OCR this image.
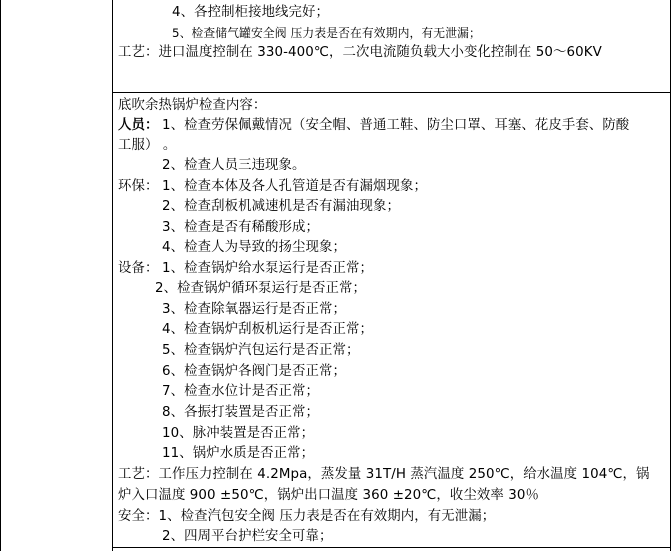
4、各控制柜接地线完好；
5、检查储气罐安全阀 压力表是否在有效期内，有无泄漏；
工艺：进口温度控制在 330-400℃，二次电流随负载大小变化控制在 50～60KV
底吹余热锅炉检查内容：
人员： 1、检查劳保佩戴情况（安全帽、普通工鞋、防尘口罩、耳塞、花皮手套、防酸
工服） 。
2、检查人员三违现象。
环保： 1、检查本体及各人孔管道是否有漏烟现象；
2、检查刮板机减速机是否有漏油现象；
3、检查是否有稀酸形成；
4、检查人为导致的扬尘现象；
设备： 1、检查锅炉给水泵运行是否正常；
2、检查锅炉循环泵运行是否正常；
3、检查除氧器运行是否正常；
4、检查锅炉刮板机运行是否正常；
5、检查锅炉汽包运行是否正常；
6、检查锅炉各阀门是否正常；
7、检查水位计是否正常；
8、各振打装置是否正常；
10、脉冲装置是否正常；
11、锅炉水质是否正常；
工艺：工作压力控制在 4.2Mpa，蒸发量 31T/H 蒸汽温度 250℃，给水温度 104℃，锅
炉入口温度 900 ±50℃，锅炉出口温度 360 ±20℃，收尘效率 30％
安全：1、检查汽包安全阀 压力表是否在有效期内，有无泄漏；
2、四周平台护栏安全可靠；
